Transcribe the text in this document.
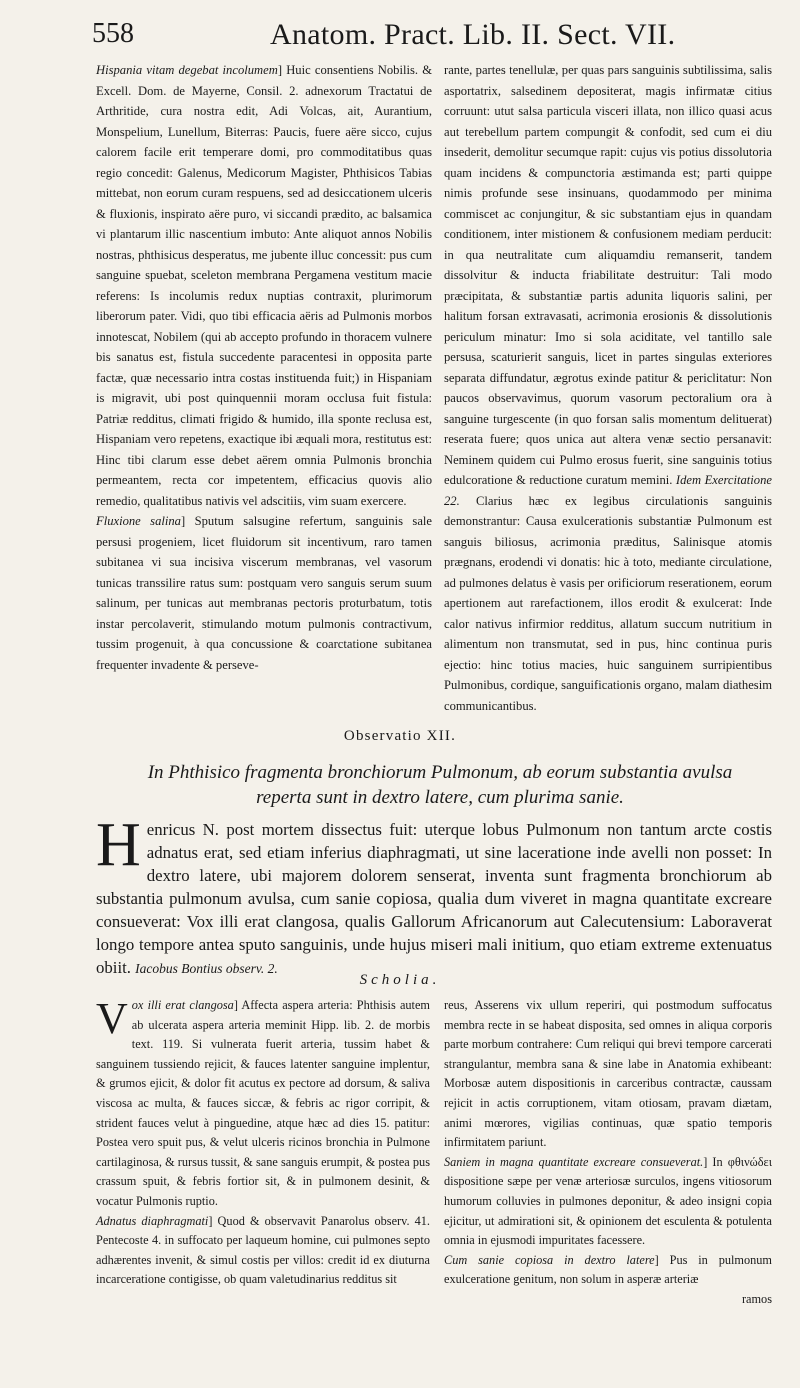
558	Anatom. Pract. Lib. II. Sect. VII.

Hispania vitam degebat incolumem] Huic consentiens Nobilis. & Excell. Dom. de Mayerne, Consil. 2. adnexorum Tractatui de Arthritide, cura nostra edit, Adi Volcas, ait, Aurantium, Monspelium, Lunellum, Biterras: Paucis, fuere aëre sicco, cujus calorem facile erit temperare domi, pro commoditatibus quas regio concedit: Galenus, Medicorum Magister, Phthisicos Tabias mittebat, non eorum curam respuens, sed ad desiccationem ulceris & fluxionis, inspirato aëre puro, vi siccandi prædito, ac balsamica vi plantarum illic nascentium imbuto: Ante aliquot annos Nobilis nostras, phthisicus desperatus, me jubente illuc concessit: pus cum sanguine spuebat, sceleton membrana Pergamena vestitum macie referens: Is incolumis redux nuptias contraxit, plurimorum liberorum pater. Vidi, quo tibi efficacia aëris ad Pulmonis morbos innotescat, Nobilem (qui ab accepto profundo in thoracem vulnere bis sanatus est, fistula succedente paracentesi in opposita parte factæ, quæ necessario intra costas instituenda fuit;) in Hispaniam is migravit, ubi post quinquennii moram occlusa fuit fistula: Patriæ redditus, climati frigido & humido, illa sponte reclusa est, Hispaniam vero repetens, exactique ibi æquali mora, restitutus est: Hinc tibi clarum esse debet aërem omnia Pulmonis bronchia permeantem, recta cor impetentem, efficacius quovis alio remedio, qualitatibus nativis vel adscitiis, vim suam exercere.

Fluxione salina] Sputum salsugine refertum, sanguinis sale persusi progeniem, licet fluidorum sit incentivum, raro tamen subitanea vi sua incisiva viscerum membranas, vel vasorum tunicas transsilire ratus sum: postquam vero sanguis serum suum salinum, per tunicas aut membranas pectoris proturbatum, totis instar percolaverit, stimulando motum pulmonis contractivum, tussim progenuit, à qua concussione & coarctatione subitanea frequenter invadente & perseve-

rante, partes tenellulæ, per quas pars sanguinis subtilissima, salis asportatrix, salsedinem depositerat, magis infirmatæ citius corruunt: utut salsa particula visceri illata, non illico quasi acus aut terebellum partem compungit & confodit, sed cum ei diu insederit, demolitur secumque rapit: cujus vis potius dissolutoria quam incidens & compunctoria æstimanda est; parti quippe nimis profunde sese insinuans, quodammodo per minima commiscet ac conjungitur, & sic substantiam ejus in quandam conditionem, inter mistionem & confusionem mediam perducit: in qua neutralitate cum aliquamdiu remanserit, tandem dissolvitur & inducta friabilitate destruitur: Tali modo præcipitata, & substantiæ partis adunita liquoris salini, per halitum forsan extravasati, acrimonia erosionis & dissolutionis periculum minatur: Imo si sola aciditate, vel tantillo sale persusa, scaturierit sanguis, licet in partes singulas exteriores separata diffundatur, ægrotus exinde patitur & periclitatur: Non paucos observavimus, quorum vasorum pectoralium ora à sanguine turgescente (in quo forsan salis momentum delituerat) reserata fuere; quos unica aut altera venæ sectio persanavit: Neminem quidem cui Pulmo erosus fuerit, sine sanguinis totius edulcoratione & reductione curatum memini. Idem Exercitatione 22. Clarius hæc ex legibus circulationis sanguinis demonstrantur: Causa exulcerationis substantiæ Pulmonum est sanguis biliosus, acrimonia præditus, Salinisque atomis prægnans, erodendi vi donatis: hic à toto, mediante circulatione, ad pulmones delatus è vasis per orificiorum reserationem, eorum apertionem aut rarefactionem, illos erodit & exulcerat: Inde calor nativus infirmior redditus, allatum succum nutritium in alimentum non transmutat, sed in pus, hinc continua puris ejectio: hinc totius macies, huic sanguinem surripientibus Pulmonibus, cordique, sanguificationis organo, malam diathesim communicantibus.

Observatio XII.
In Phthisico fragmenta bronchiorum Pulmonum, ab eorum substantia avulsa reperta sunt in dextro latere, cum plurima sanie.
Henricus N. post mortem dissectus fuit: uterque lobus Pulmonum non tantum arcte costis adnatus erat, sed etiam inferius diaphragmati, ut sine laceratione inde avelli non posset: In dextro latere, ubi majorem dolorem senserat, inventa sunt fragmenta bronchiorum ab substantia pulmonum avulsa, cum sanie copiosa, qualia dum viveret in magna quantitate excreare consueverat: Vox illi erat clangosa, qualis Gallorum Africanorum aut Calecutensium: Laboraverat longo tempore antea sputo sanguinis, unde hujus miseri mali initium, quo etiam extreme extenuatus obiit. Iacobus Bontius observ. 2.
Scholia.

Vox illi erat clangosa] Affecta aspera arteria: Phthisis autem ab ulcerata aspera arteria meminit Hipp. lib. 2. de morbis text. 119. Si vulnerata fuerit arteria, tussim habet & sanguinem tussiendo rejicit, & fauces latenter sanguine implentur, & grumos ejicit, & dolor fit acutus ex pectore ad dorsum, & saliva viscosa ac multa, & fauces siccæ, & febris ac rigor corripit, & strident fauces velut à pinguedine, atque hæc ad dies 15. patitur: Postea vero spuit pus, & velut ulceris ricinos bronchia in Pulmone cartilaginosa, & rursus tussit, & sane sanguis erumpit, & postea pus crassum spuit, & febris fortior sit, & in pulmonem desinit, & vocatur Pulmonis ruptio.

Adnatus diaphragmati] Quod & observavit Panarolus observ. 41. Pentecoste 4. in suffocato per laqueum homine, cui pulmones septo adhærentes invenit, & simul costis per villos: credit id ex diuturna incarceratione contigisse, ob quam valetudinarius redditus sit

reus, Asserens vix ullum reperiri, qui postmodum suffocatus membra recte in se habeat disposita, sed omnes in aliqua corporis parte morbum contrahere: Cum reliqui qui brevi tempore carcerati strangulantur, membra sana & sine labe in Anatomia exhibeant: Morbosæ autem dispositionis in carceribus contractæ, caussam rejicit in actis corruptionem, vitam otiosam, pravam diætam, animi mœrores, vigilias continuas, quæ spatio temporis infirmitatem pariunt.

Saniem in magna quantitate excreare consueverat.] In φθινώδει dispositione sæpe per venæ arteriosæ surculos, ingens vitiosorum humorum colluvies in pulmones deponitur, & adeo insigni copia ejicitur, ut admirationi sit, & opinionem det esculenta & potulenta omnia in ejusmodi impuritates facessere.

Cum sanie copiosa in dextro latere] Pus in pulmonum exulceratione genitum, non solum in asperæ arteriæ

ramos
